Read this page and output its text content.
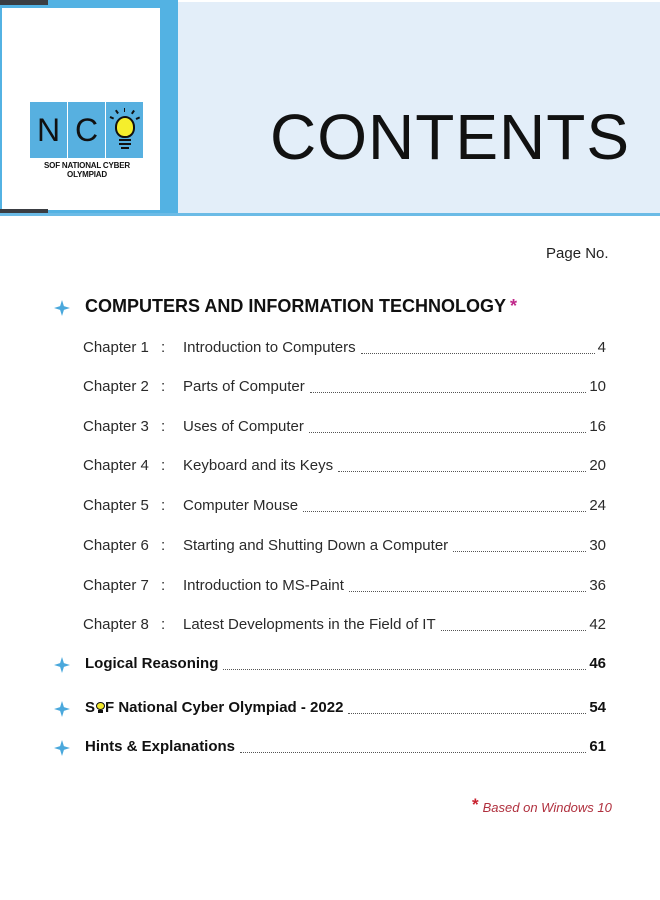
N C
SOF NATIONAL CYBER
OLYMPIAD
CONTENTS
Page No.
COMPUTERS AND INFORMATION TECHNOLOGY *
Chapter 1 :	Introduction to Computers	4
Chapter 2 :	Parts of Computer	10
Chapter 3 :	Uses of Computer	16
Chapter 4 :	Keyboard and its Keys	20
Chapter 5 :	Computer Mouse	24
Chapter 6 :	Starting and Shutting Down a Computer	30
Chapter 7 :	Introduction to MS-Paint	36
Chapter 8 :	Latest Developments in the Field of IT	42
Logical Reasoning	46
S F National Cyber Olympiad - 2022	54
Hints & Explanations	61
* Based on Windows 10
